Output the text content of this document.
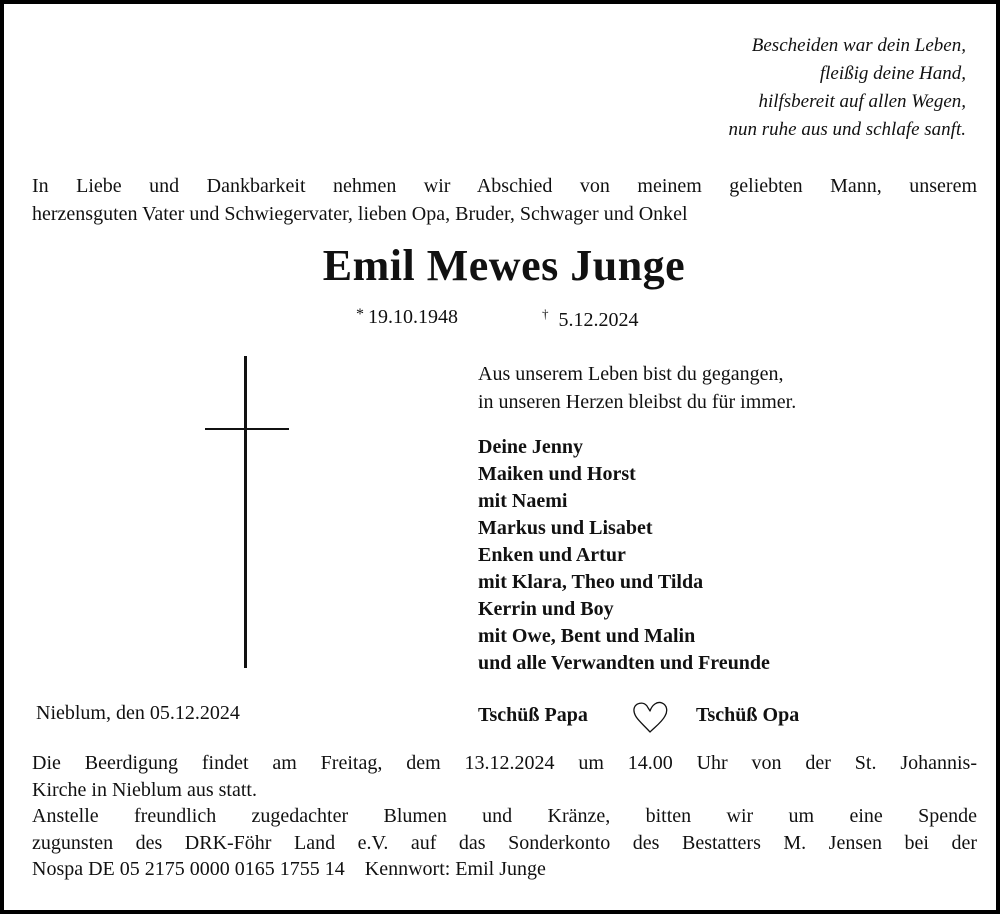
Bescheiden war dein Leben,
fleißig deine Hand,
hilfsbereit auf allen Wegen,
nun ruhe aus und schlafe sanft.
In Liebe und Dankbarkeit nehmen wir Abschied von meinem geliebten Mann, unserem
herzensguten Vater und Schwiegervater, lieben Opa, Bruder, Schwager und Onkel
Emil Mewes Junge
* 19.10.1948	† 5.12.2024
Aus unserem Leben bist du gegangen,
in unseren Herzen bleibst du für immer.
Deine Jenny
Maiken und Horst
mit Naemi
Markus und Lisabet
Enken und Artur
mit Klara, Theo und Tilda
Kerrin und Boy
mit Owe, Bent und Malin
und alle Verwandten und Freunde
Nieblum, den 05.12.2024	Tschüß Papa	Tschüß Opa
Die Beerdigung findet am Freitag, dem 13.12.2024 um 14.00 Uhr von der St. Johannis-
Kirche in Nieblum aus statt.
Anstelle freundlich zugedachter Blumen und Kränze, bitten wir um eine Spende
zugunsten des DRK-Föhr Land e.V. auf das Sonderkonto des Bestatters M. Jensen bei der
Nospa DE 05 2175 0000 0165 1755 14    Kennwort: Emil Junge
